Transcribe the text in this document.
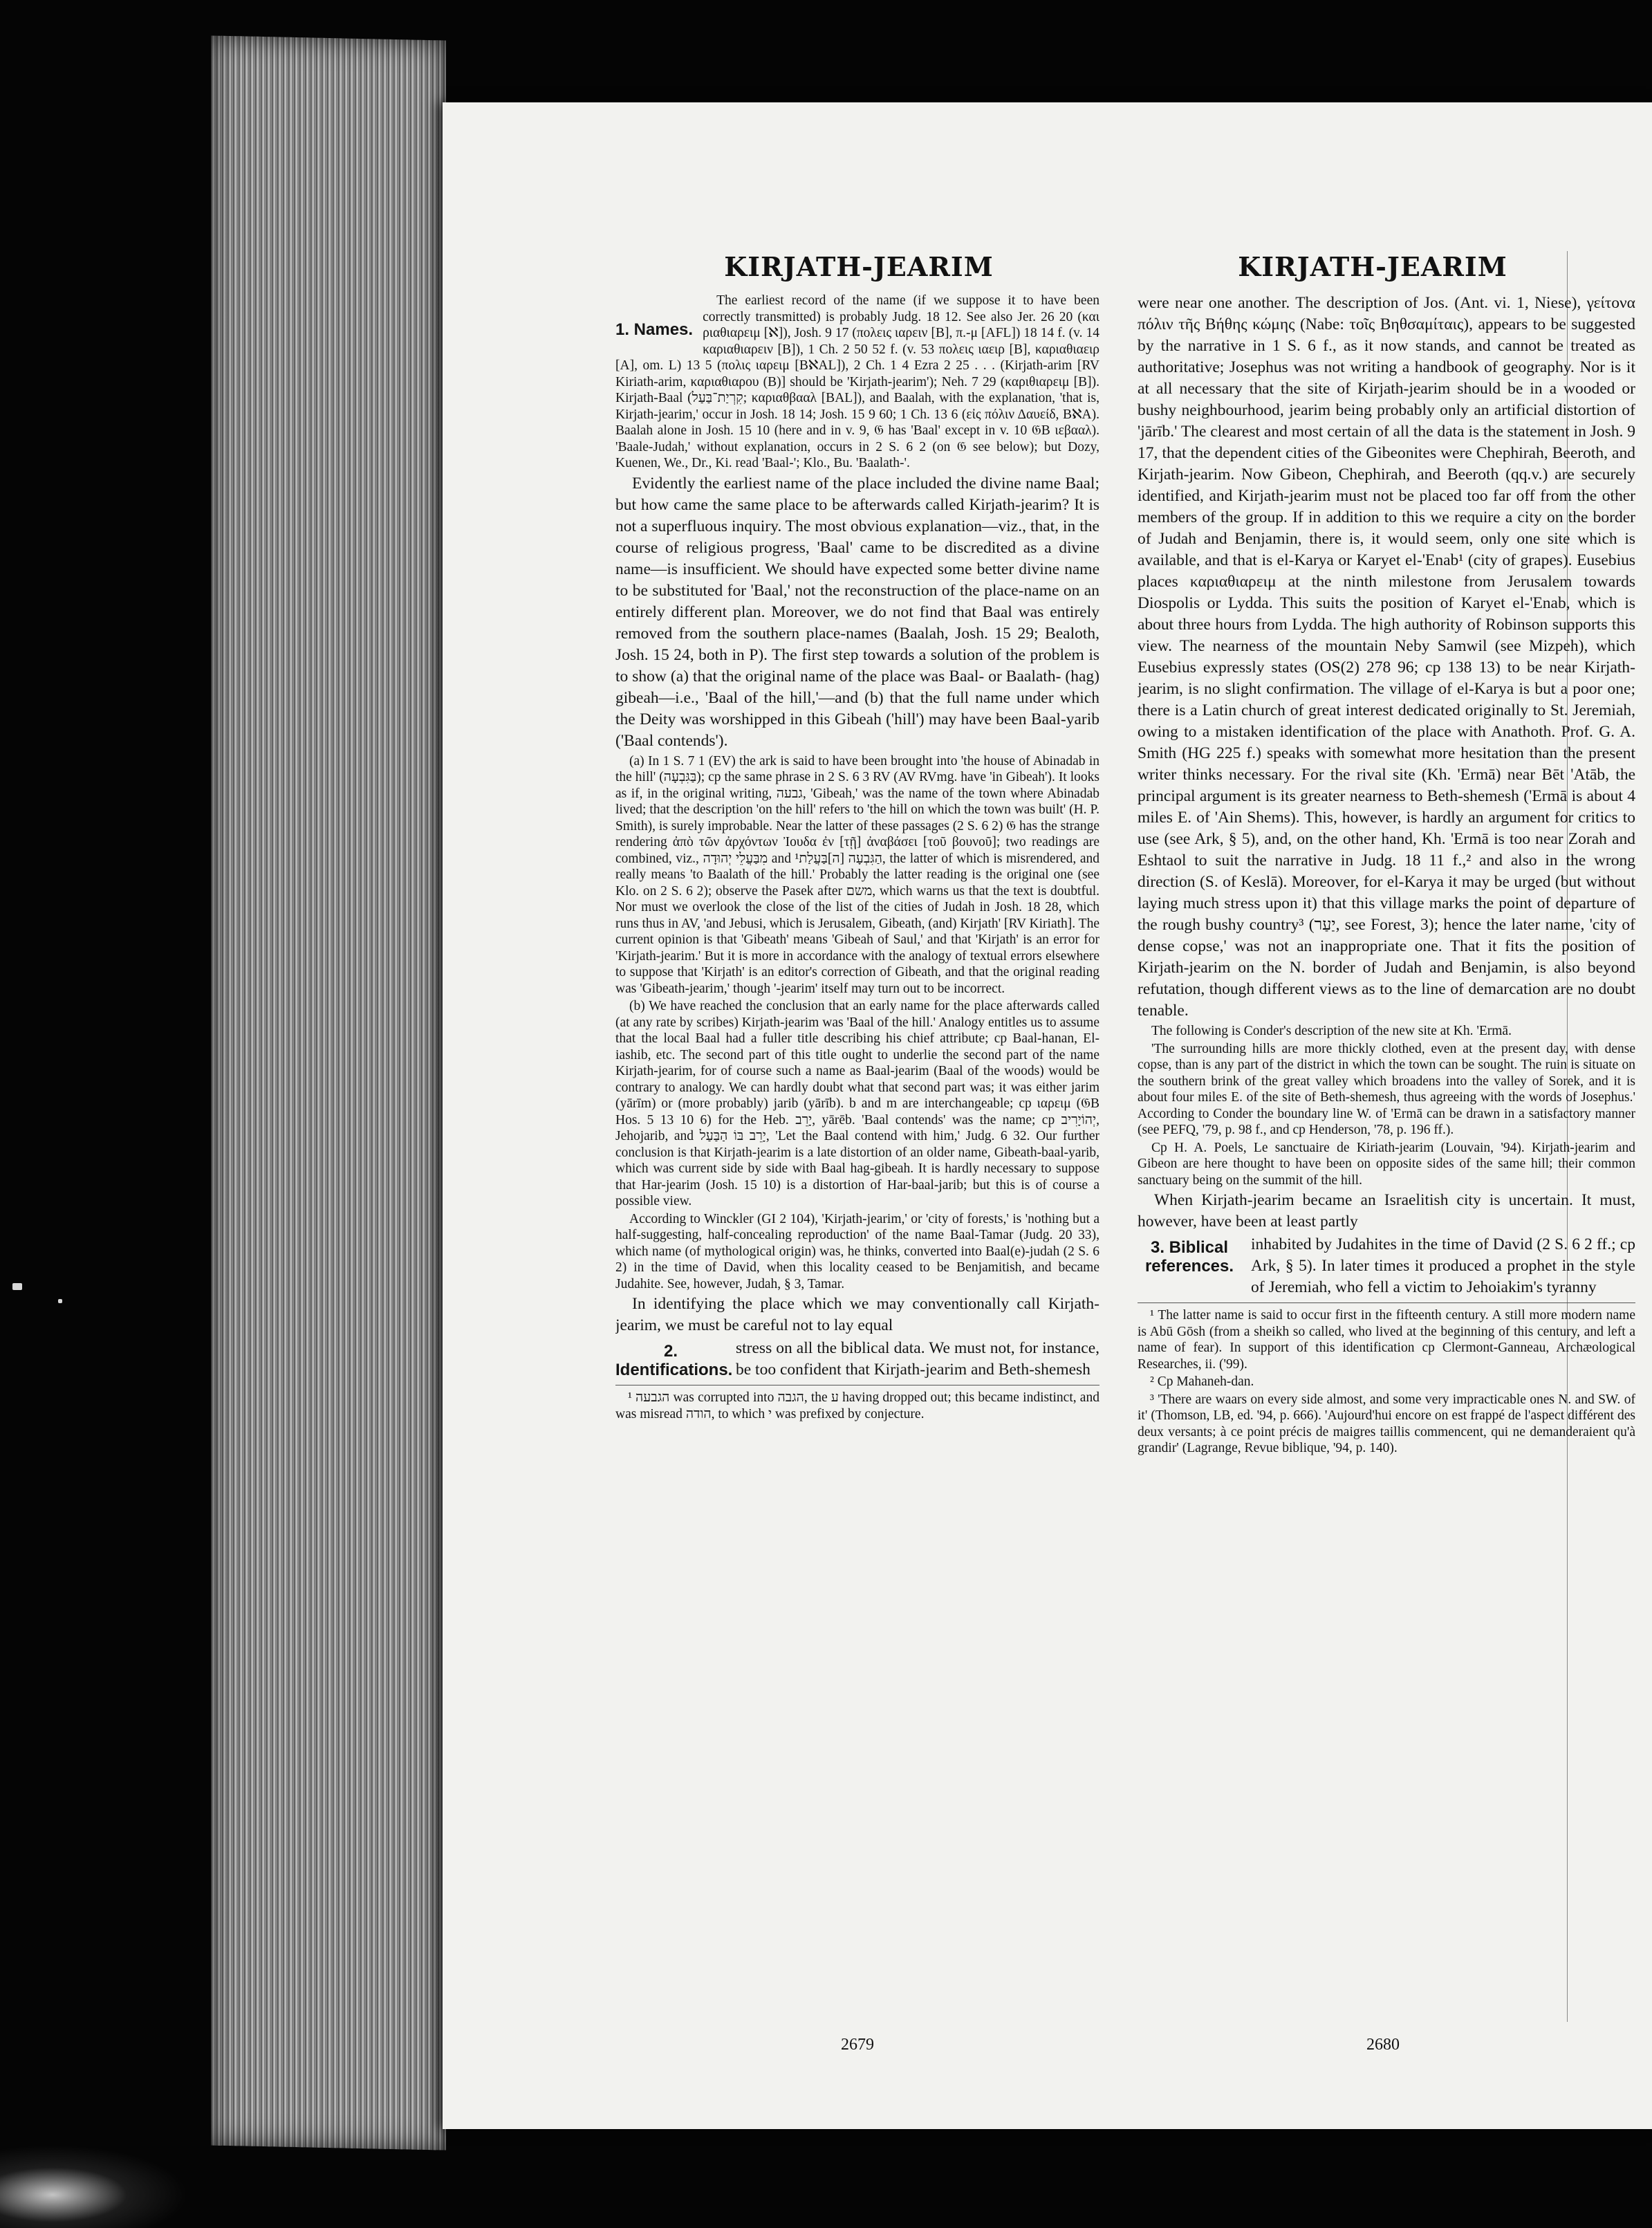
KIRJATH-JEARIM
1. Names.

The earliest record of the name (if we suppose it to have been correctly transmitted) is probably Judg. 18 12. See also Jer. 26 20 (και ριαθιαρειμ [ℵ]), Josh. 9 17 (πολεις ιαρειν [B], π.-μ [AFL]) 18 14 f. (v. 14 καριαθιαρειν [B]), 1 Ch. 2 50 52 f. (v. 53 πολεις ιαειρ [B], καριαθιαειρ [A], om. L) 13 5 (πολις ιαρειμ [BℵAL]), 2 Ch. 1 4 Ezra 2 25 . . . (Kirjath-arim [RV Kiriath-arim, καριαθιαρου (B)] should be 'Kirjath-jearim'); Neh. 7 29 (καριθιαρειμ [B]). Kirjath-Baal (קִרְיַת־בַּעַל; καριαθβααλ [BAL]), and Baalah, with the explanation, 'that is, Kirjath-jearim,' occur in Josh. 18 14; Josh. 15 9 60; 1 Ch. 13 6 (εἰς πόλιν Δαυείδ, BℵA). Baalah alone in Josh. 15 10 (here and in v. 9, 𝔊 has 'Baal' except in v. 10 𝔊B ιεβααλ). 'Baale-Judah,' without explanation, occurs in 2 S. 6 2 (on 𝔊 see below); but Dozy, Kuenen, We., Dr., Ki. read 'Baal-'; Klo., Bu. 'Baalath-'.

Evidently the earliest name of the place included the divine name Baal; but how came the same place to be afterwards called Kirjath-jearim? It is not a superfluous inquiry. The most obvious explanation—viz., that, in the course of religious progress, 'Baal' came to be discredited as a divine name—is insufficient. We should have expected some better divine name to be substituted for 'Baal,' not the reconstruction of the place-name on an entirely different plan. Moreover, we do not find that Baal was entirely removed from the southern place-names (Baalah, Josh. 15 29; Bealoth, Josh. 15 24, both in P). The first step towards a solution of the problem is to show (a) that the original name of the place was Baal- or Baalath- (hag) gibeah—i.e., 'Baal of the hill,'—and (b) that the full name under which the Deity was worshipped in this Gibeah ('hill') may have been Baal-yarib ('Baal contends').

(a) In 1 S. 7 1 (EV) the ark is said to have been brought into 'the house of Abinadab in the hill' (בַּגִּבְעָה); cp the same phrase in 2 S. 6 3 RV (AV RVmg. have 'in Gibeah'). It looks as if, in the original writing, גבעה, 'Gibeah,' was the name of the town where Abinadab lived; that the description 'on the hill' refers to 'the hill on which the town was built' (H. P. Smith), is surely improbable. Near the latter of these passages (2 S. 6 2) 𝔊 has the strange rendering ἀπὸ τῶν ἀρχόντων Ἰουδα ἐν [τῇ] ἀναβάσει [τοῦ βουνοῦ]; two readings are combined, viz., מִבַּעֲלֵי יְהוּדָה and הַגִּבְעָה [ה]בַּעֲלַת¹, the latter of which is misrendered, and really means 'to Baalath of the hill.' Probably the latter reading is the original one (see Klo. on 2 S. 6 2); observe the Pasek after משם, which warns us that the text is doubtful. Nor must we overlook the close of the list of the cities of Judah in Josh. 18 28, which runs thus in AV, 'and Jebusi, which is Jerusalem, Gibeath, (and) Kirjath' [RV Kiriath]. The current opinion is that 'Gibeath' means 'Gibeah of Saul,' and that 'Kirjath' is an error for 'Kirjath-jearim.' But it is more in accordance with the analogy of textual errors elsewhere to suppose that 'Kirjath' is an editor's correction of Gibeath, and that the original reading was 'Gibeath-jearim,' though '-jearim' itself may turn out to be incorrect.

(b) We have reached the conclusion that an early name for the place afterwards called (at any rate by scribes) Kirjath-jearim was 'Baal of the hill.' Analogy entitles us to assume that the local Baal had a fuller title describing his chief attribute; cp Baal-hanan, El-iashib, etc. The second part of this title ought to underlie the second part of the name Kirjath-jearim, for of course such a name as Baal-jearim (Baal of the woods) would be contrary to analogy. We can hardly doubt what that second part was; it was either jarim (yārīm) or (more probably) jarib (yārīb). b and m are interchangeable; cp ιαρειμ (𝔊B Hos. 5 13 10 6) for the Heb. יָרֵב, yārēb. 'Baal contends' was the name; cp יְהוֹיָרִיב, Jehojarib, and יָרֵב בּוֹ הַבַּעַל, 'Let the Baal contend with him,' Judg. 6 32. Our further conclusion is that Kirjath-jearim is a late distortion of an older name, Gibeath-baal-yarib, which was current side by side with Baal hag-gibeah. It is hardly necessary to suppose that Har-jearim (Josh. 15 10) is a distortion of Har-baal-jarib; but this is of course a possible view.

According to Winckler (GI 2 104), 'Kirjath-jearim,' or 'city of forests,' is 'nothing but a half-suggesting, half-concealing reproduction' of the name Baal-Tamar (Judg. 20 33), which name (of mythological origin) was, he thinks, converted into Baal(e)-judah (2 S. 6 2) in the time of David, when this locality ceased to be Benjamitish, and became Judahite. See, however, Judah, § 3, Tamar.

In identifying the place which we may conventionally call Kirjath-jearim, we must be careful not to lay equal

2. Identifications.

stress on all the biblical data. We must not, for instance, be too confident that Kirjath-jearim and Beth-shemesh

¹ הגבעה was corrupted into הגבה, the ע having dropped out; this became indistinct, and was misread הודה, to which י was prefixed by conjecture.

2679
KIRJATH-JEARIM

were near one another. The description of Jos. (Ant. vi. 1, Niese), γείτονα πόλιν τῆς Βήθης κώμης (Nabe: τοῖς Βηθσαμίταις), appears to be suggested by the narrative in 1 S. 6 f., as it now stands, and cannot be treated as authoritative; Josephus was not writing a handbook of geography. Nor is it at all necessary that the site of Kirjath-jearim should be in a wooded or bushy neighbourhood, jearim being probably only an artificial distortion of 'jārīb.' The clearest and most certain of all the data is the statement in Josh. 9 17, that the dependent cities of the Gibeonites were Chephirah, Beeroth, and Kirjath-jearim. Now Gibeon, Chephirah, and Beeroth (qq.v.) are securely identified, and Kirjath-jearim must not be placed too far off from the other members of the group. If in addition to this we require a city on the border of Judah and Benjamin, there is, it would seem, only one site which is available, and that is el-Karya or Karyet el-'Enab¹ (city of grapes). Eusebius places καριαθιαρειμ at the ninth milestone from Jerusalem towards Diospolis or Lydda. This suits the position of Karyet el-'Enab, which is about three hours from Lydda. The high authority of Robinson supports this view. The nearness of the mountain Neby Samwil (see Mizpeh), which Eusebius expressly states (OS(2) 278 96; cp 138 13) to be near Kirjath-jearim, is no slight confirmation. The village of el-Karya is but a poor one; there is a Latin church of great interest dedicated originally to St. Jeremiah, owing to a mistaken identification of the place with Anathoth. Prof. G. A. Smith (HG 225 f.) speaks with somewhat more hesitation than the present writer thinks necessary. For the rival site (Kh. 'Ermā) near Bēt 'Atāb, the principal argument is its greater nearness to Beth-shemesh ('Ermā is about 4 miles E. of 'Ain Shems). This, however, is hardly an argument for critics to use (see Ark, § 5), and, on the other hand, Kh. 'Ermā is too near Zorah and Eshtaol to suit the narrative in Judg. 18 11 f.,² and also in the wrong direction (S. of Keslā). Moreover, for el-Karya it may be urged (but without laying much stress upon it) that this village marks the point of departure of the rough bushy country³ (יַעַר, see Forest, 3); hence the later name, 'city of dense copse,' was not an inappropriate one. That it fits the position of Kirjath-jearim on the N. border of Judah and Benjamin, is also beyond refutation, though different views as to the line of demarcation are no doubt tenable.

The following is Conder's description of the new site at Kh. 'Ermā.

'The surrounding hills are more thickly clothed, even at the present day, with dense copse, than is any part of the district in which the town can be sought. The ruin is situate on the southern brink of the great valley which broadens into the valley of Sorek, and it is about four miles E. of the site of Beth-shemesh, thus agreeing with the words of Josephus.' According to Conder the boundary line W. of 'Ermā can be drawn in a satisfactory manner (see PEFQ, '79, p. 98 f., and cp Henderson, '78, p. 196 ff.).

Cp H. A. Poels, Le sanctuaire de Kiriath-jearim (Louvain, '94). Kirjath-jearim and Gibeon are here thought to have been on opposite sides of the same hill; their common sanctuary being on the summit of the hill.

When Kirjath-jearim became an Israelitish city is uncertain. It must, however, have been at least partly

3. Biblical references.

inhabited by Judahites in the time of David (2 S. 6 2 ff.; cp Ark, § 5). In later times it produced a prophet in the style of Jeremiah, who fell a victim to Jehoiakim's tyranny

¹ The latter name is said to occur first in the fifteenth century. A still more modern name is Abū Gōsh (from a sheikh so called, who lived at the beginning of this century, and left a name of fear). In support of this identification cp Clermont-Ganneau, Archæological Researches, ii. ('99).

² Cp Mahaneh-dan.

³ 'There are waars on every side almost, and some very impracticable ones N. and SW. of it' (Thomson, LB, ed. '94, p. 666). 'Aujourd'hui encore on est frappé de l'aspect différent des deux versants; à ce point précis de maigres taillis commencent, qui ne demanderaient qu'à grandir' (Lagrange, Revue biblique, '94, p. 140).

2680
